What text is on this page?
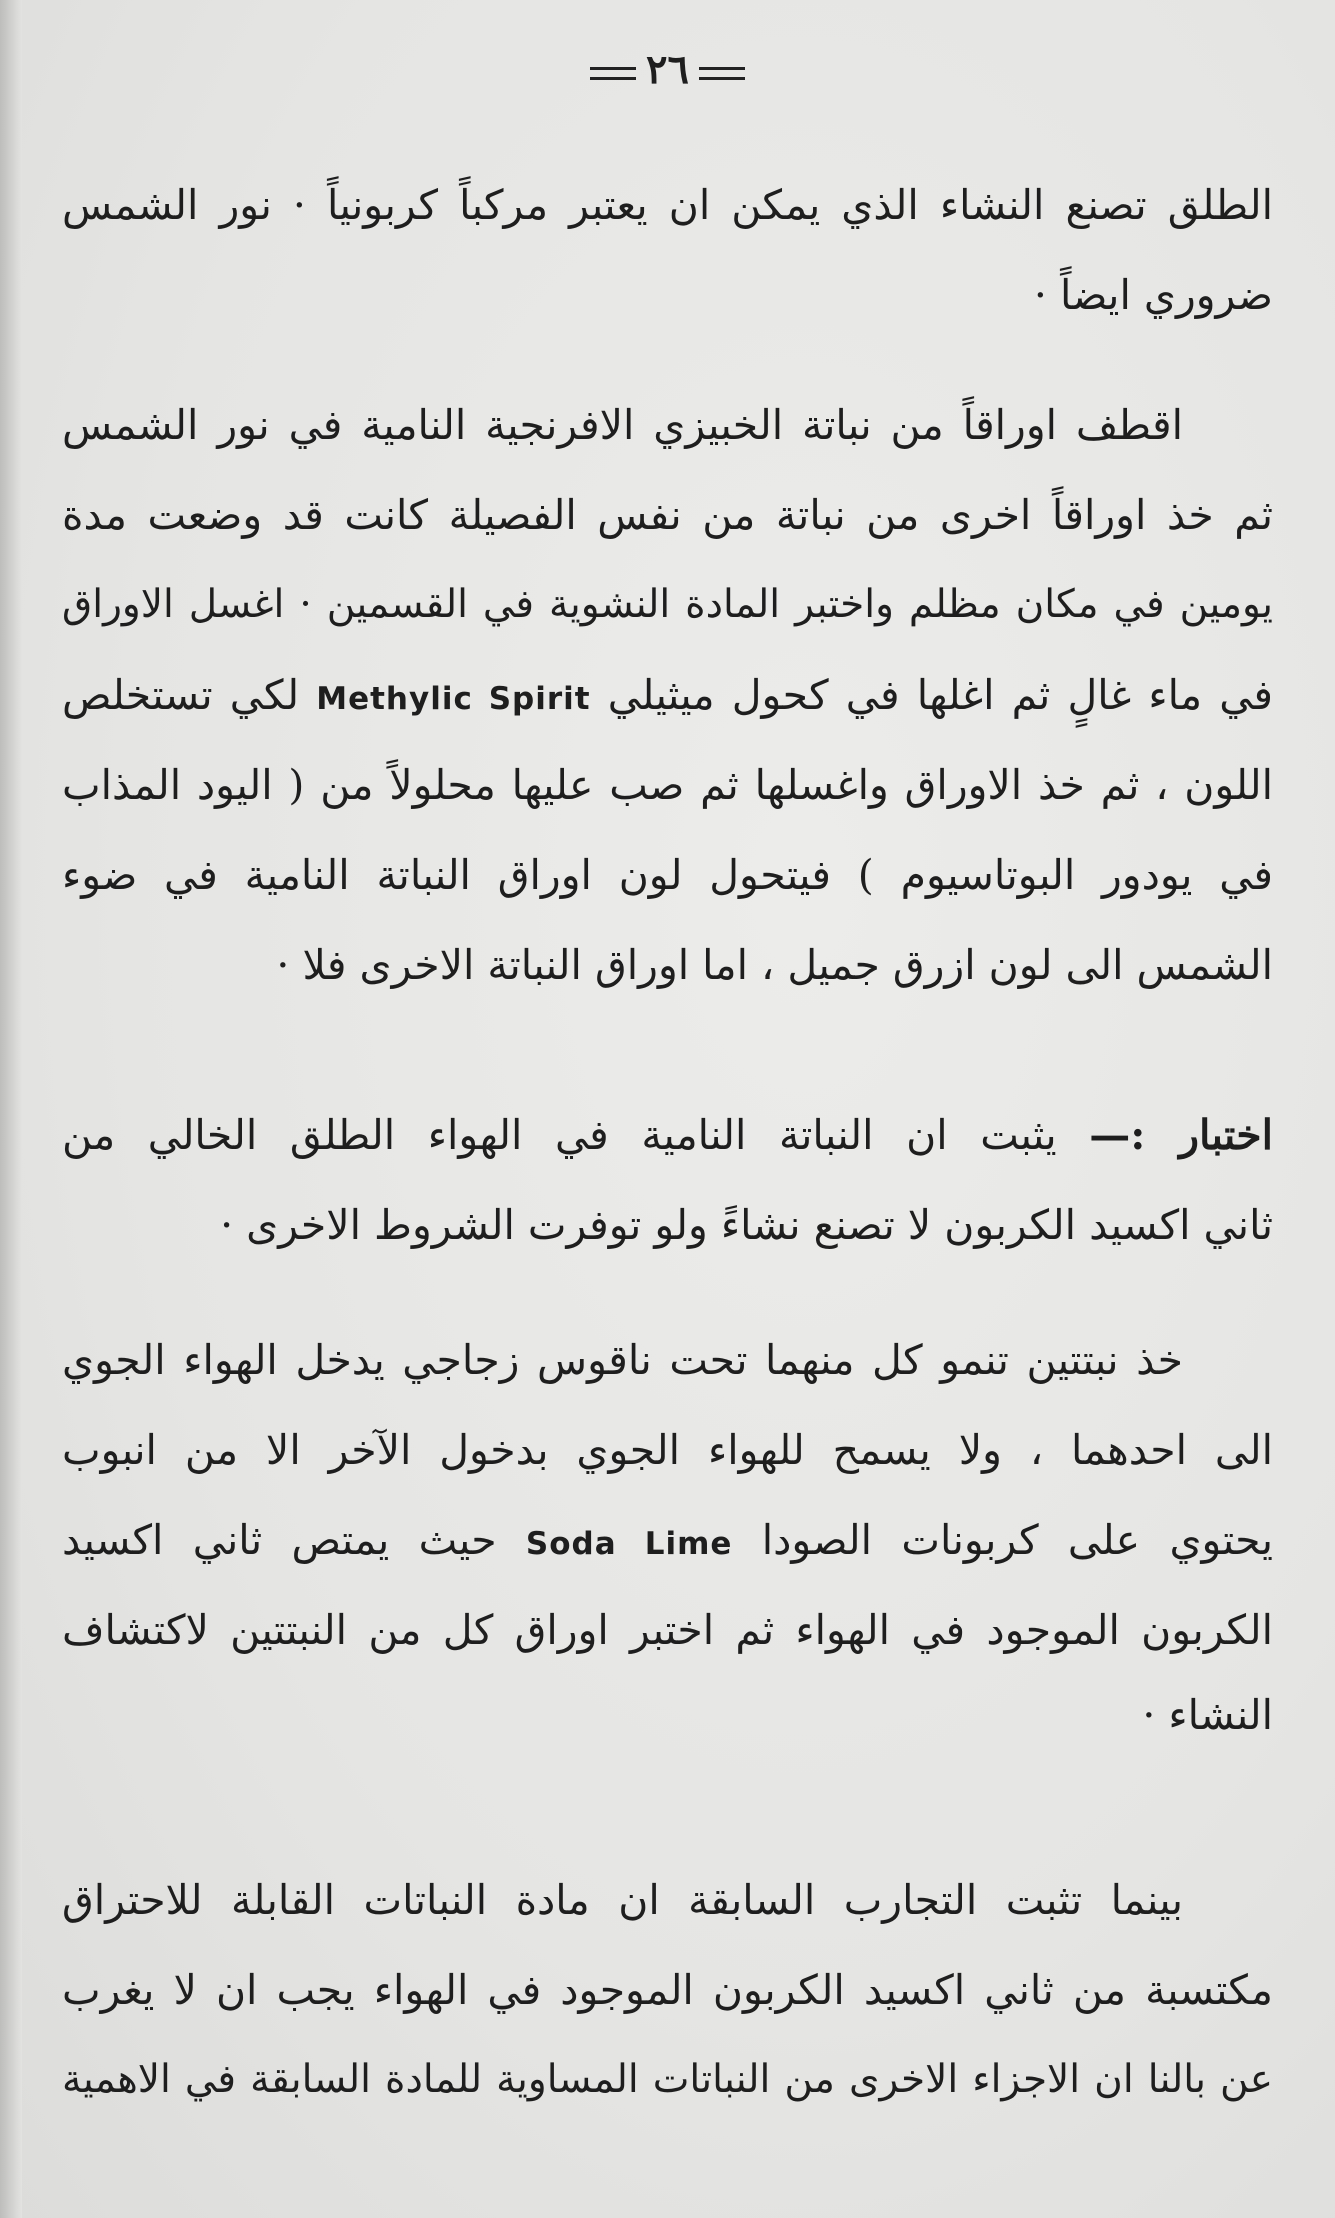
٢٦
الطلق تصنع النشاء الذي يمكن ان يعتبر مركباً كربونياً · نور الشمس
ضروري ايضاً ·
اقطف اوراقاً من نباتة الخبيزي الافرنجية النامية في نور الشمس
ثم خذ اوراقاً اخرى من نباتة من نفس الفصيلة كانت قد وضعت مدة
يومين في مكان مظلم واختبر المادة النشوية في القسمين · اغسل الاوراق
في ماء غالٍ ثم اغلها في كحول ميثيلي Methylic Spirit لكي تستخلص
اللون ، ثم خذ الاوراق واغسلها ثم صب عليها محلولاً من ( اليود المذاب
في يودور البوتاسيوم ) فيتحول لون اوراق النباتة النامية في ضوء
الشمس الى لون ازرق جميل ، اما اوراق النباتة الاخرى فلا ·
اختبار :— يثبت ان النباتة النامية في الهواء الطلق الخالي من
ثاني اكسيد الكربون لا تصنع نشاءً ولو توفرت الشروط الاخرى ·
خذ نبتتين تنمو كل منهما تحت ناقوس زجاجي يدخل الهواء الجوي
الى احدهما ، ولا يسمح للهواء الجوي بدخول الآخر الا من انبوب
يحتوي على كربونات الصودا Soda Lime حيث يمتص ثاني اكسيد
الكربون الموجود في الهواء ثم اختبر اوراق كل من النبتتين لاكتشاف
النشاء ·
بينما تثبت التجارب السابقة ان مادة النباتات القابلة للاحتراق
مكتسبة من ثاني اكسيد الكربون الموجود في الهواء يجب ان لا يغرب
عن بالنا ان الاجزاء الاخرى من النباتات المساوية للمادة السابقة في الاهمية
